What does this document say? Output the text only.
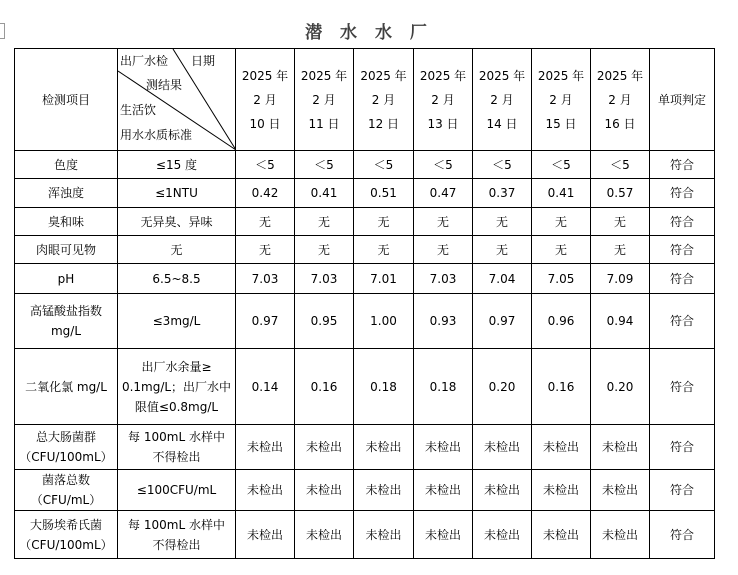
潜 水 水 厂
检测项目	出厂水检 日期
测结果
生活饮
用水水质标准	2025 年
2 月
10 日	2025 年
2 月
11 日	2025 年
2 月
12 日	2025 年
2 月
13 日	2025 年
2 月
14 日	2025 年
2 月
15 日	2025 年
2 月
16 日	单项判定

色度	≤15 度	＜5	＜5	＜5	＜5	＜5	＜5	＜5	符合

浑浊度	≤1NTU	0.42	0.41	0.51	0.47	0.37	0.41	0.57	符合

臭和味	无异臭、异味	无	无	无	无	无	无	无	符合

肉眼可见物	无	无	无	无	无	无	无	无	符合

pH	6.5~8.5	7.03	7.03	7.01	7.03	7.04	7.05	7.09	符合

高锰酸盐指数
mg/L	≤3mg/L	0.97	0.95	1.00	0.93	0.97	0.96	0.94	符合

二氧化氯 mg/L	出厂水余量≥
0.1mg/L；出厂水中
限值≤0.8mg/L	0.14	0.16	0.18	0.18	0.20	0.16	0.20	符合

总大肠菌群
（CFU/100mL）	每 100mL 水样中
不得检出	未检出	未检出	未检出	未检出	未检出	未检出	未检出	符合

菌落总数
（CFU/mL）	≤100CFU/mL	未检出	未检出	未检出	未检出	未检出	未检出	未检出	符合

大肠埃希氏菌
（CFU/100mL）	每 100mL 水样中
不得检出	未检出	未检出	未检出	未检出	未检出	未检出	未检出	符合
